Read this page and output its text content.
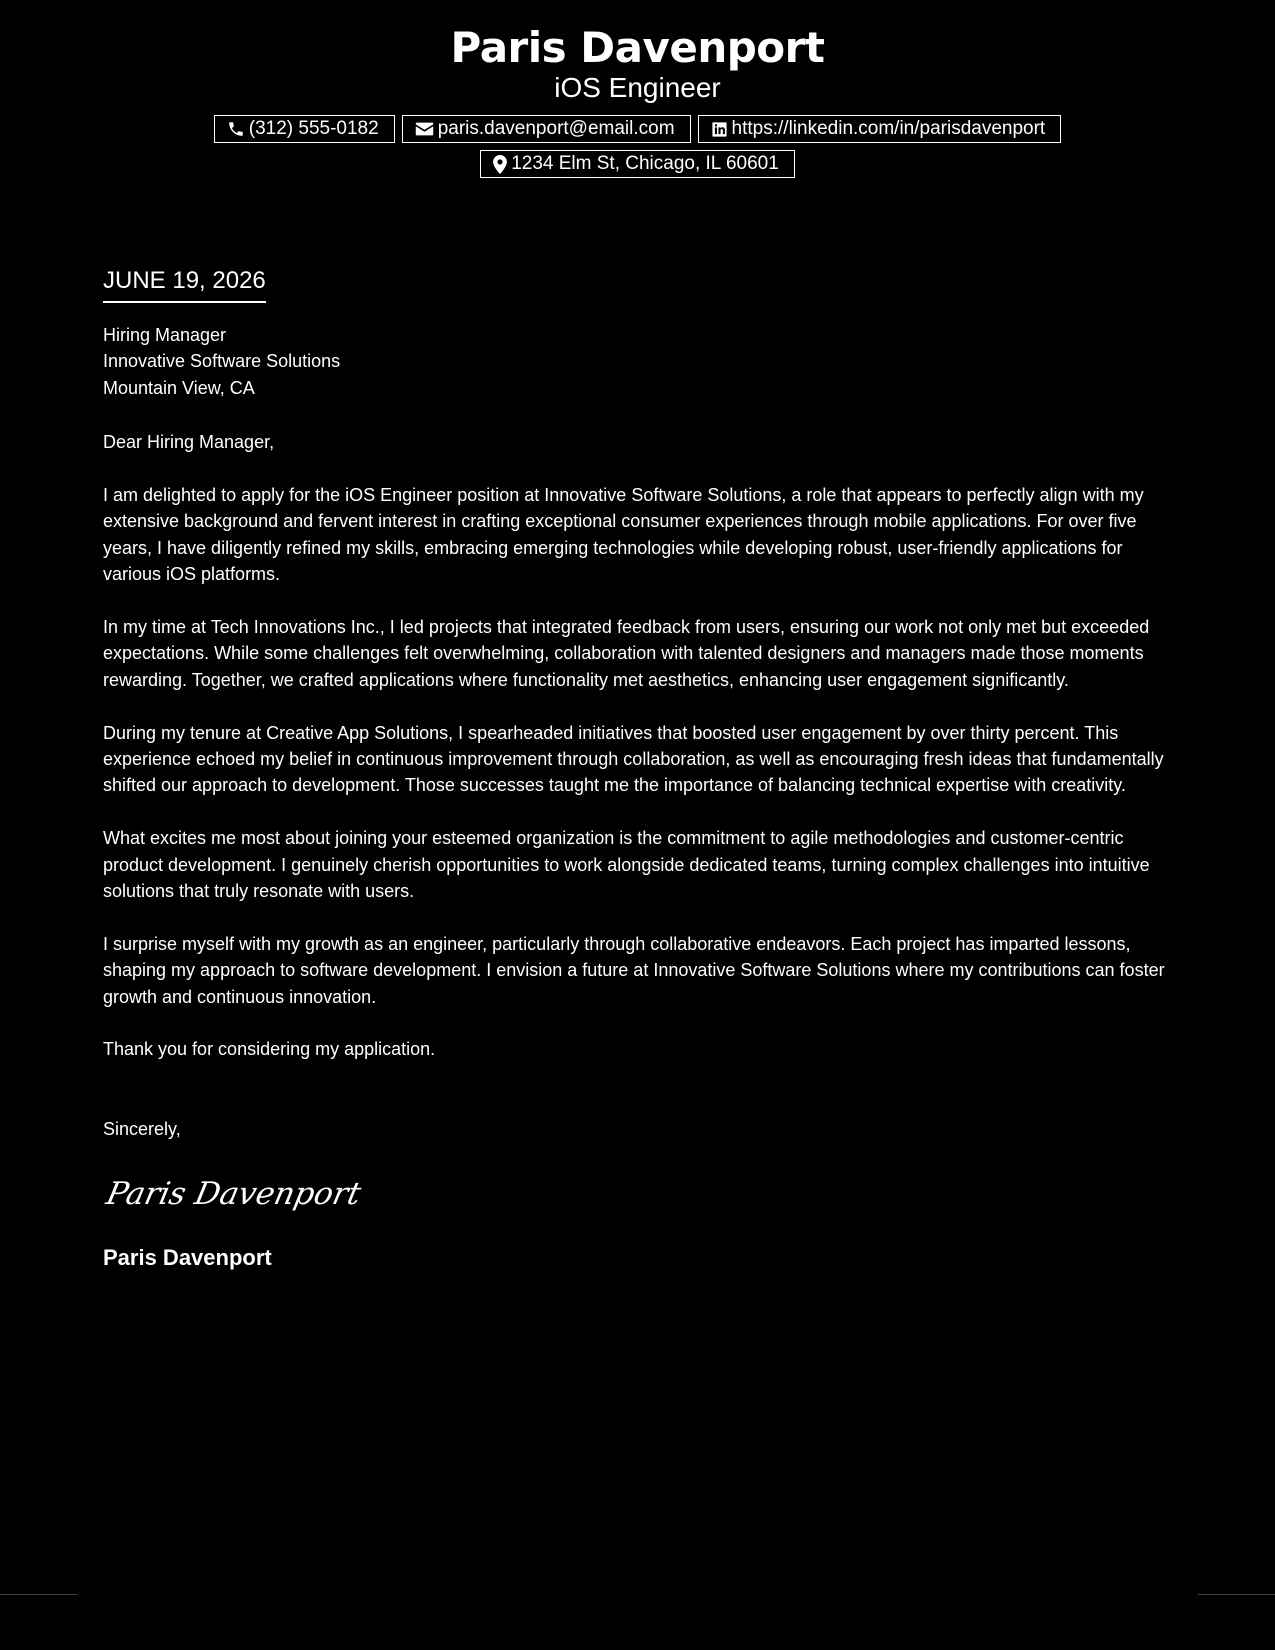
Paris Davenport
iOS Engineer
(312) 555-0182	paris.davenport@email.com	https://linkedin.com/in/parisdavenport
1234 Elm St, Chicago, IL 60601
JUNE 19, 2026
Hiring Manager
Innovative Software Solutions
Mountain View, CA
Dear Hiring Manager,
I am delighted to apply for the iOS Engineer position at Innovative Software Solutions, a role that appears to perfectly align with my extensive background and fervent interest in crafting exceptional consumer experiences through mobile applications. For over five years, I have diligently refined my skills, embracing emerging technologies while developing robust, user-friendly applications for various iOS platforms.
In my time at Tech Innovations Inc., I led projects that integrated feedback from users, ensuring our work not only met but exceeded expectations. While some challenges felt overwhelming, collaboration with talented designers and managers made those moments rewarding. Together, we crafted applications where functionality met aesthetics, enhancing user engagement significantly.
During my tenure at Creative App Solutions, I spearheaded initiatives that boosted user engagement by over thirty percent. This experience echoed my belief in continuous improvement through collaboration, as well as encouraging fresh ideas that fundamentally shifted our approach to development. Those successes taught me the importance of balancing technical expertise with creativity.
What excites me most about joining your esteemed organization is the commitment to agile methodologies and customer-centric product development. I genuinely cherish opportunities to work alongside dedicated teams, turning complex challenges into intuitive solutions that truly resonate with users.
I surprise myself with my growth as an engineer, particularly through collaborative endeavors. Each project has imparted lessons, shaping my approach to software development. I envision a future at Innovative Software Solutions where my contributions can foster growth and continuous innovation.
Thank you for considering my application.
Sincerely,
Paris Davenport
Paris Davenport
